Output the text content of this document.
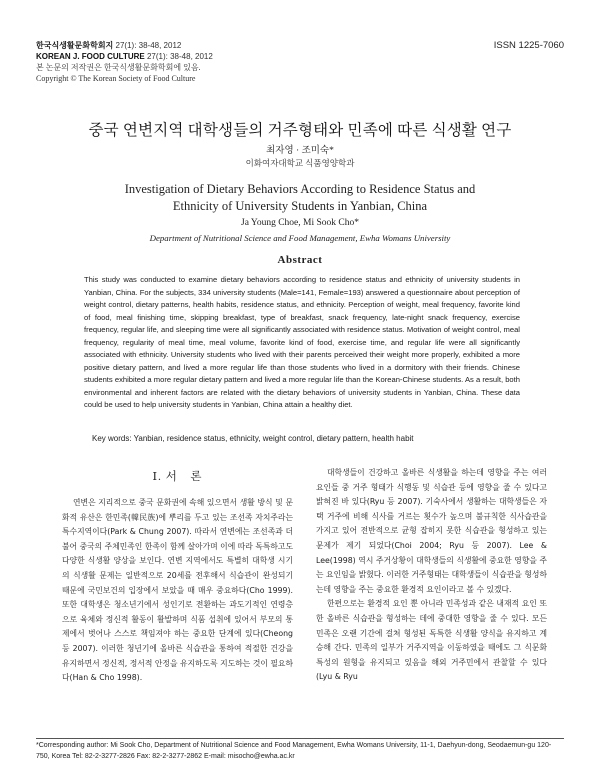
한국식생활문화학회지 27(1): 38-48, 2012
KOREAN J. FOOD CULTURE 27(1): 38-48, 2012
본 논문의 저작권은 한국식생활문화학회에 있음.
Copyright © The Korean Society of Food Culture
ISSN 1225-7060
중국 연변지역 대학생들의 거주형태와 민족에 따른 식생활 연구
최자영 · 조미숙*
이화여자대학교 식품영양학과
Investigation of Dietary Behaviors According to Residence Status and
Ethnicity of University Students in Yanbian, China
Ja Young Choe, Mi Sook Cho*
Department of Nutritional Science and Food Management, Ewha Womans University
Abstract
This study was conducted to examine dietary behaviors according to residence status and ethnicity of university students in Yanbian, China. For the subjects, 334 university students (Male=141, Female=193) answered a questionnaire about perception of weight control, dietary patterns, health habits, residence status, and ethnicity. Perception of weight, meal frequency, favorite kind of food, meal finishing time, skipping breakfast, type of breakfast, snack frequency, late-night snack frequency, exercise frequency, regular life, and sleeping time were all significantly associated with residence status. Motivation of weight control, meal frequency, regularity of meal time, meal volume, favorite kind of food, exercise time, and regular life were all significantly associated with ethnicity. University students who lived with their parents perceived their weight more properly, exhibited a more positive dietary pattern, and lived a more regular life than those students who lived in a dormitory with their friends. Chinese students exhibited a more regular dietary pattern and lived a more regular life than the Korean-Chinese students. As a result, both environmental and inherent factors are related with the dietary behaviors of university students in Yanbian, China. These data could be used to help university students in Yanbian, China attain a healthy diet.
Key words: Yanbian, residence status, ethnicity, weight control, dietary pattern, health habit
Ⅰ. 서　론

연변은 지리적으로 중국 문화권에 속해 있으면서 생활 방식 및 문화적 유산은 한민족(韓民族)에 뿌리를 두고 있는 조선족 자치주라는 특수지역이다(Park & Chung 2007). 따라서 연변에는 조선족과 더불어 중국의 주체민족인 한족이 함께 살아가며 이에 따라 독특하고도 다양한 식생활 양상을 보인다. 연변 지역에서도 특별히 대학생 시기의 식생활 문제는 일반적으로 20세를 전후해서 식습관이 완성되기 때문에 국민보건의 입장에서 보았을 때 매우 중요하다(Cho 1999). 또한 대학생은 청소년기에서 성인기로 전환하는 과도기적인 연령층으로 육체와 정신적 활동이 활발하며 식품 섭취에 있어서 부모의 통제에서 벗어나 스스로 책임져야 하는 중요한 단계에 있다(Cheong 등 2007). 이러한 청년기에 올바른 식습관을 통하여 적절한 건강을 유지하면서 정신적, 정서적 안정을 유지하도록 지도하는 것이 필요하다(Han & Cho 1998).

대학생들이 건강하고 올바른 식생활을 하는데 영향을 주는 여러 요인들 중 거주 형태가 식행동 및 식습관 등에 영향을 줄 수 있다고 밝혀진 바 있다(Ryu 등 2007). 기숙사에서 생활하는 대학생들은 자택 거주에 비해 식사를 거르는 횟수가 높으며 불규칙한 식사습관을 가지고 있어 전반적으로 균형 잡히지 못한 식습관을 형성하고 있는 문제가 제기 되었다(Choi 2004; Ryu 등 2007). Lee & Lee(1998) 역시 주거상황이 대학생들의 식생활에 중요한 영향을 주는 요인임을 밝혔다. 이러한 거주형태는 대학생들이 식습관을 형성하는데 영향을 주는 중요한 환경적 요인이라고 볼 수 있겠다.

한편으로는 환경적 요인 뿐 아니라 민족성과 같은 내재적 요인 또한 올바른 식습관을 형성하는 데에 중대한 영향을 줄 수 있다. 모든 민족은 오랜 기간에 걸쳐 형성된 독특한 식생활 양식을 유지하고 계승해 간다. 민족의 일부가 거주지역을 이동하였을 때에도 그 식문화 특성의 원형을 유지되고 있음을 해외 거주민에서 관찰할 수 있다(Lyu & Ryu

*Corresponding author: Mi Sook Cho, Department of Nutritional Science and Food Management, Ewha Womans University, 11-1, Daehyun-dong, Seodaemun-gu 120-750, Korea Tel: 82-2-3277-2826 Fax: 82-2-3277-2862 E-mail: misocho@ewha.ac.kr
